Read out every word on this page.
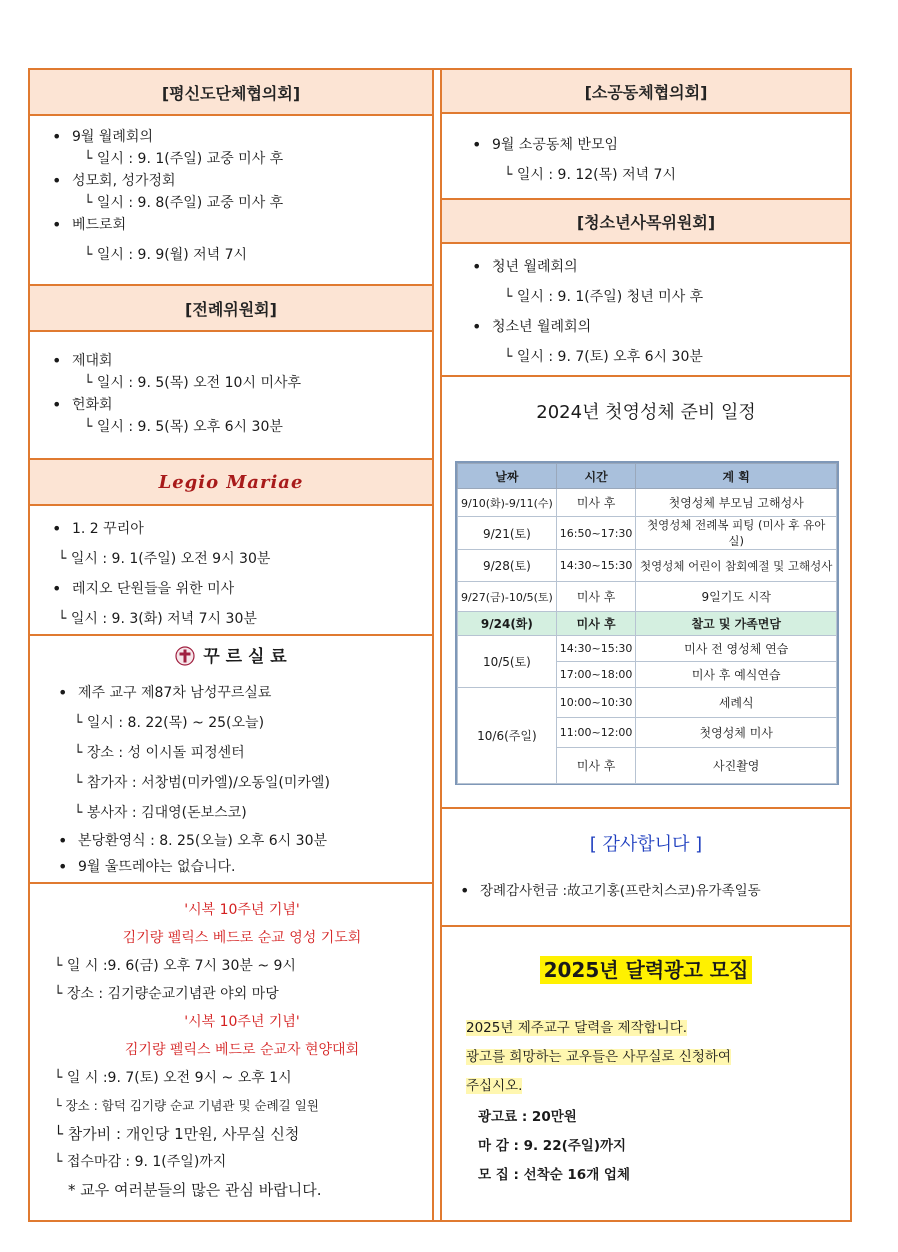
[평신도단체협의회]
• 9월 월례회의
└ 일시 : 9. 1(주일) 교중 미사 후
• 성모회, 성가정회
└ 일시 : 9. 8(주일) 교중 미사 후
• 베드로회
└ 일시 : 9. 9(월) 저녁 7시
[전례위원회]
• 제대회
└ 일시 : 9. 5(목) 오전 10시 미사후
• 헌화회
└ 일시 : 9. 5(목) 오후 6시 30분
Legio Mariae
• 1. 2 꾸리아
└ 일시 : 9. 1(주일) 오전 9시 30분
• 레지오 단원들을 위한 미사
└ 일시 : 9. 3(화) 저녁 7시 30분
꾸 르 실 료
• 제주 교구 제87차 남성꾸르실료
└ 일시 : 8. 22(목) ~ 25(오늘)
└ 장소 : 성 이시돌 피정센터
└ 참가자 : 서창범(미카엘)/오동일(미카엘)
└ 봉사자 : 김대영(돈보스코)
• 본당환영식 : 8. 25(오늘) 오후 6시 30분
• 9월 울뜨레야는 없습니다.
'시복 10주년 기념'
김기량 펠릭스 베드로 순교 영성 기도회
└ 일 시 :9. 6(금) 오후 7시 30분 ~ 9시
└ 장소 : 김기량순교기념관 야외 마당
'시복 10주년 기념'
김기량 펠릭스 베드로 순교자 현양대회
└ 일 시 :9. 7(토) 오전 9시 ~ 오후 1시
└ 장소 : 함덕 김기량 순교 기념관 및 순례길 일원
└ 참가비 : 개인당 1만원, 사무실 신청
└ 접수마감 : 9. 1(주일)까지
* 교우 여러분들의 많은 관심 바랍니다.
[소공동체협의회]
• 9월 소공동체 반모임
└ 일시 : 9. 12(목) 저녁 7시
[청소년사목위원회]
• 청년 월례회의
└ 일시 : 9. 1(주일) 청년 미사 후
• 청소년 월례회의
└ 일시 : 9. 7(토) 오후 6시 30분
2024년 첫영성체 준비 일정
날짜	시간	계 획
9/10(화)-9/11(수)	미사 후	첫영성체 부모님 고해성사
9/21(토)	16:50~17:30	첫영성체 전례복 피팅 (미사 후 유아실)
9/28(토)	14:30~15:30	첫영성체 어린이 참회예절 및 고해성사
9/27(금)-10/5(토)	미사 후	9일기도 시작
9/24(화)	미사 후	찰고 및 가족면담
10/5(토)	14:30~15:30	미사 전 영성체 연습
	17:00~18:00	미사 후 예식연습
10/6(주일)	10:00~10:30	세례식
	11:00~12:00	첫영성체 미사
	미사 후	사진촬영
[ 감사합니다 ]
• 장례감사헌금 :故고기홍(프란치스코)유가족일동
2025년 달력광고 모집
2025년 제주교구 달력을 제작합니다.
광고를 희망하는 교우들은 사무실로 신청하여
주십시오.
광고료 : 20만원
마 감 : 9. 22(주일)까지
모 집 : 선착순 16개 업체
